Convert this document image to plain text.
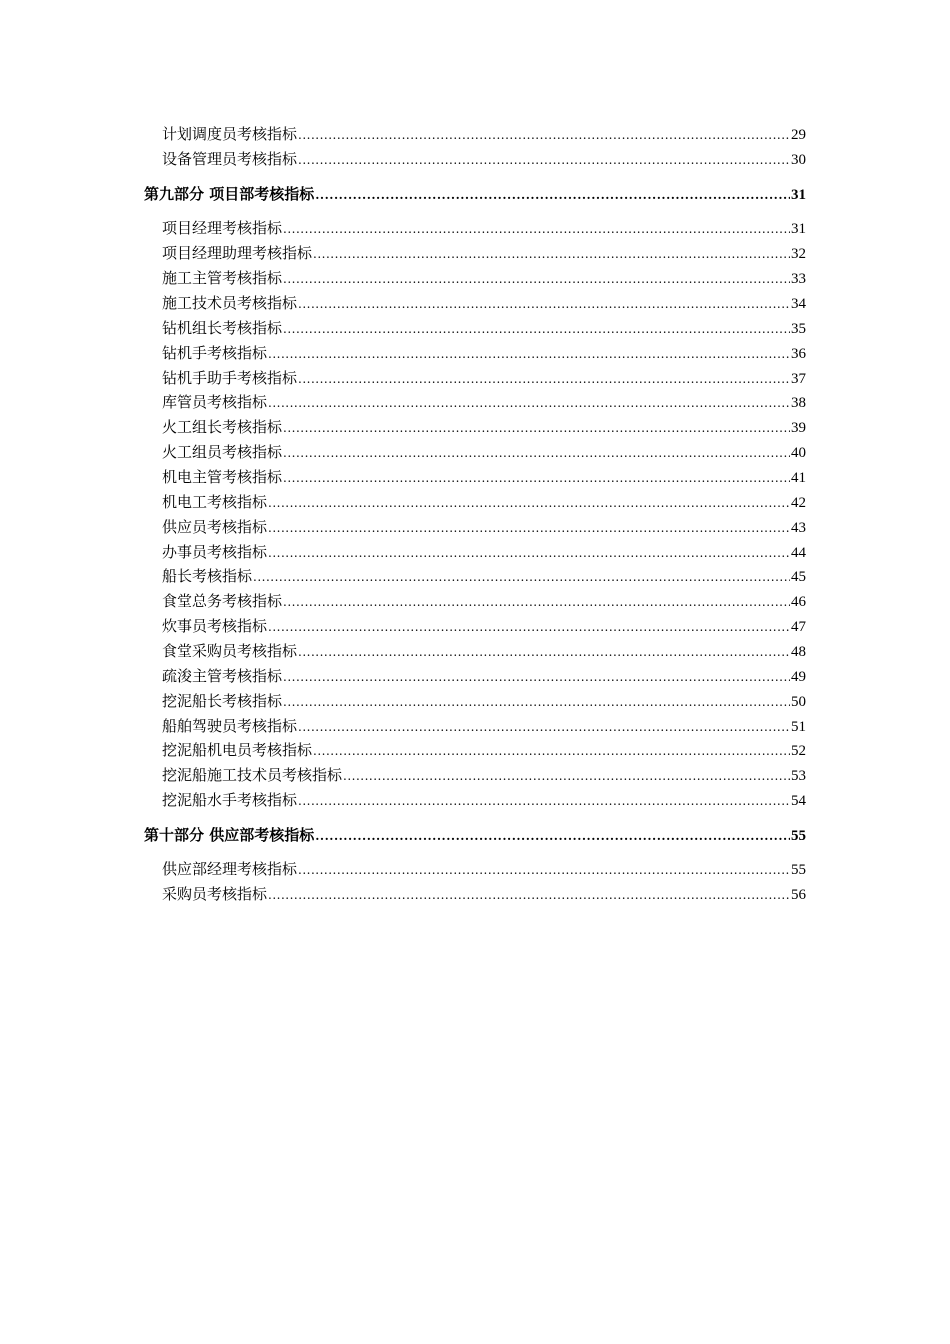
计划调度员考核指标 .....	29
设备管理员考核指标 .....	30
第九部分 项目部考核指标 .....	31
项目经理考核指标 .....	31
项目经理助理考核指标 .....	32
施工主管考核指标 .....	33
施工技术员考核指标 .....	34
钻机组长考核指标 .....	35
钻机手考核指标 .....	36
钻机手助手考核指标 .....	37
库管员考核指标 .....	38
火工组长考核指标 .....	39
火工组员考核指标 .....	40
机电主管考核指标 .....	41
机电工考核指标 .....	42
供应员考核指标 .....	43
办事员考核指标 .....	44
船长考核指标 .....	45
食堂总务考核指标 .....	46
炊事员考核指标 .....	47
食堂采购员考核指标 .....	48
疏浚主管考核指标 .....	49
挖泥船长考核指标 .....	50
船舶驾驶员考核指标 .....	51
挖泥船机电员考核指标 .....	52
挖泥船施工技术员考核指标 .....	53
挖泥船水手考核指标 .....	54
第十部分 供应部考核指标 .....	55
供应部经理考核指标 .....	55
采购员考核指标 .....	56
